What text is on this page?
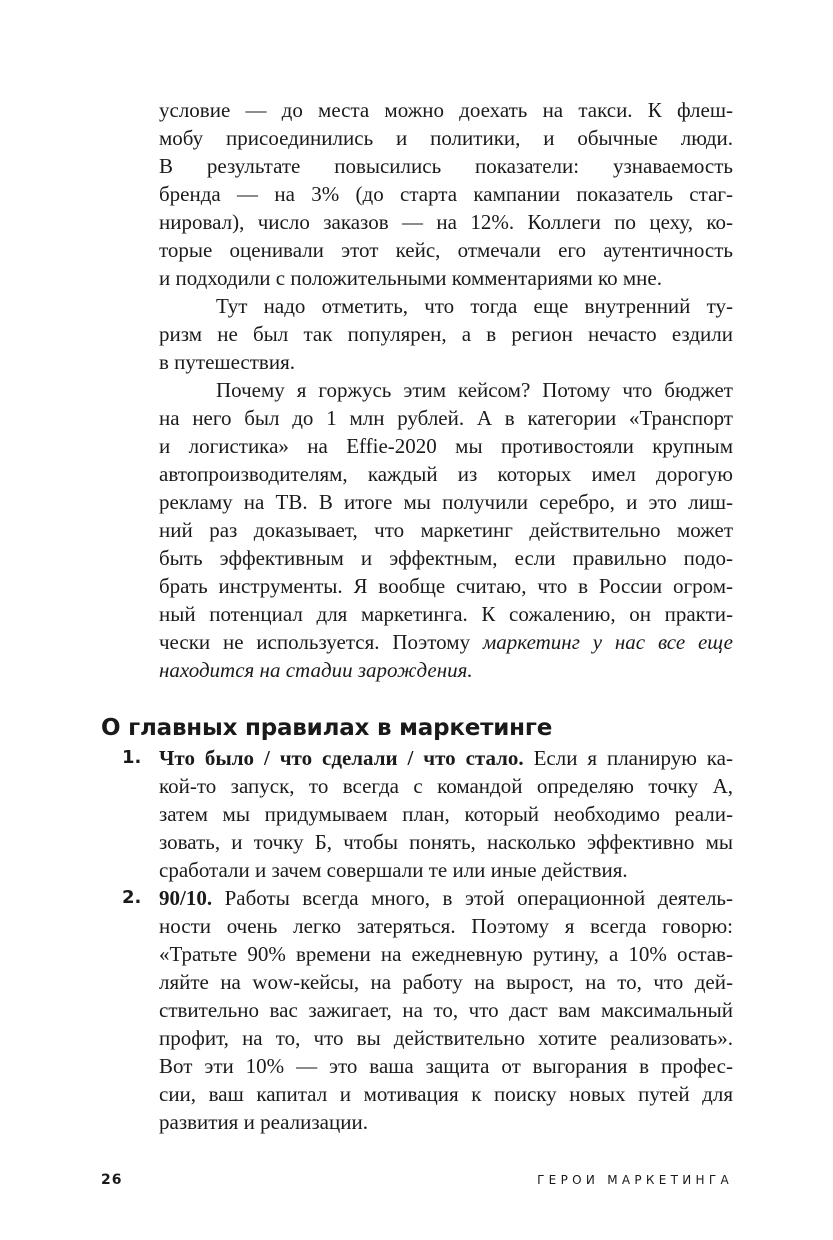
условие — до места можно доехать на такси. К флеш-
мобу присоединились и политики, и обычные люди.
В результате повысились показатели: узнаваемость
бренда — на 3% (до старта кампании показатель стаг-
нировал), число заказов — на 12%. Коллеги по цеху, ко-
торые оценивали этот кейс, отмечали его аутентичность
и подходили с положительными комментариями ко мне.
Тут надо отметить, что тогда еще внутренний ту-
ризм не был так популярен, а в регион нечасто ездили
в путешествия.
Почему я горжусь этим кейсом? Потому что бюджет
на него был до 1 млн рублей. А в категории «Транспорт
и логистика» на Effie-2020 мы противостояли крупным
автопроизводителям, каждый из которых имел дорогую
рекламу на ТВ. В итоге мы получили серебро, и это лиш-
ний раз доказывает, что маркетинг действительно может
быть эффективным и эффектным, если правильно подо-
брать инструменты. Я вообще считаю, что в России огром-
ный потенциал для маркетинга. К сожалению, он практи-
чески не используется. Поэтому маркетинг у нас все еще
находится на стадии зарождения.
О главных правилах в маркетинге
1. Что было / что сделали / что стало. Если я планирую ка-
кой-то запуск, то всегда с командой определяю точку А,
затем мы придумываем план, который необходимо реали-
зовать, и точку Б, чтобы понять, насколько эффективно мы
сработали и зачем совершали те или иные действия.
2. 90/10. Работы всегда много, в этой операционной деятель-
ности очень легко затеряться. Поэтому я всегда говорю:
«Тратьте 90% времени на ежедневную рутину, а 10% остав-
ляйте на wow-кейсы, на работу на вырост, на то, что дей-
ствительно вас зажигает, на то, что даст вам максимальный
профит, на то, что вы действительно хотите реализовать».
Вот эти 10% — это ваша защита от выгорания в профес-
сии, ваш капитал и мотивация к поиску новых путей для
развития и реализации.
26	ГЕРОИ МАРКЕТИНГА
